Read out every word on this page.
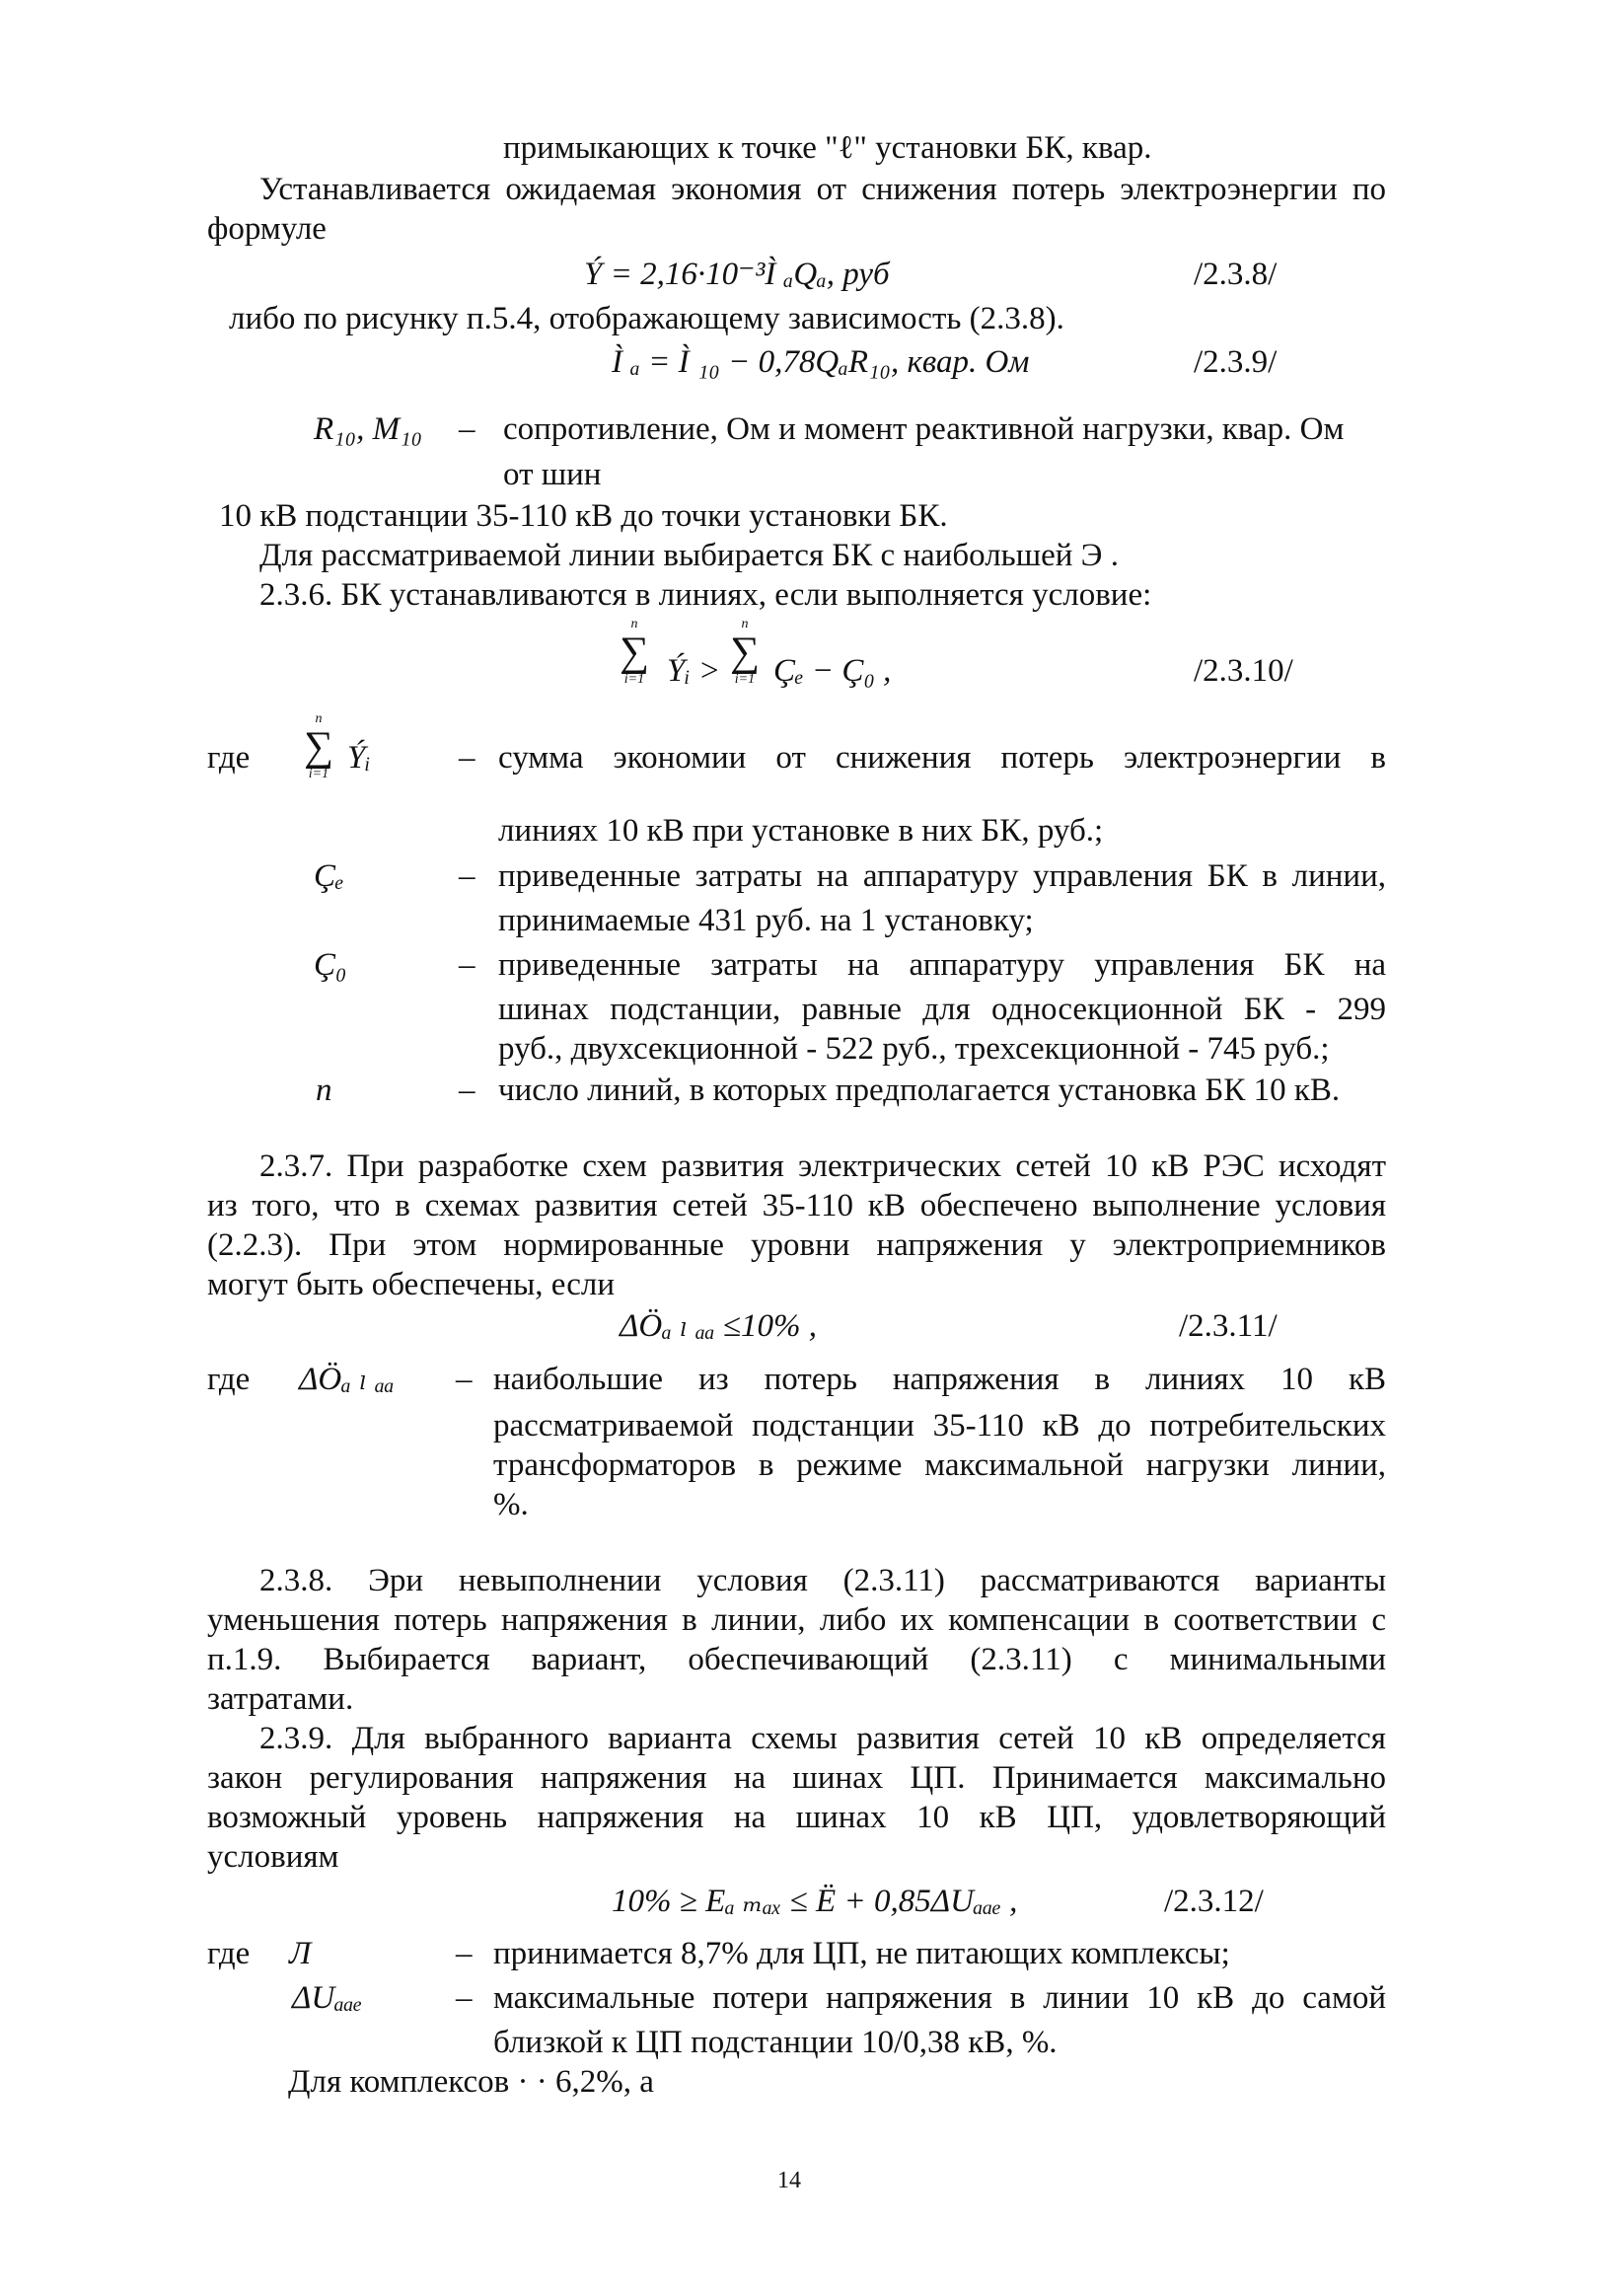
примыкающих к точке "ℓ" установки БК, квар.
Устанавливается ожидаемая экономия от снижения потерь электроэнергии по
формуле
Ý = 2,16·10⁻³Ì ₐQₐ, руб	/2.3.8/
либо по рисунку п.5.4, отображающему зависимость (2.3.8).
Ì ₐ = Ì ₁₀ − 0,78QₐR₁₀, квар. Ом	/2.3.9/
R₁₀, M₁₀ – сопротивление, Ом и момент реактивной нагрузки, квар. Ом
от шин
10 кВ подстанции 35-110 кВ до точки установки БК.
Для рассматриваемой линии выбирается БК с наибольшей Э .
2.3.6. БК устанавливаются в линиях, если выполняется условие:
n
∑
i=1 Ýᵢ >
n
∑
i=1 Çₑ − Ç₀ ,	/2.3.10/
где
n
∑
i=1 Ýᵢ	– сумма экономии от снижения потерь электроэнергии в
линиях 10 кВ при установке в них БК, руб.;
Çₑ	– приведенные затраты на аппаратуру управления БК в линии,
принимаемые 431 руб. на 1 установку;
Ç₀	– приведенные затраты на аппаратуру управления БК на
шинах подстанции, равные для односекционной БК - 299
руб., двухсекционной - 522 руб., трехсекционной - 745 руб.;
n	– число линий, в которых предполагается установка БК 10 кВ.
2.3.7. При разработке схем развития электрических сетей 10 кВ РЭС исходят
из того, что в схемах развития сетей 35-110 кВ обеспечено выполнение условия
(2.2.3). При этом нормированные уровни напряжения у электроприемников
могут быть обеспечены, если
ΔÖₐ ₗ ₐₐ ≤10% ,	/2.3.11/
где ΔÖₐ ₗ ₐₐ – наибольшие из потерь напряжения в линиях 10 кВ
рассматриваемой подстанции 35-110 кВ до потребительских
трансформаторов в режиме максимальной нагрузки линии,
%.
2.3.8. Эри невыполнении условия (2.3.11) рассматриваются варианты
уменьшения потерь напряжения в линии, либо их компенсации в соответствии с
п.1.9. Выбирается вариант, обеспечивающий (2.3.11) с минимальными
затратами.
2.3.9. Для выбранного варианта схемы развития сетей 10 кВ определяется
закон регулирования напряжения на шинах ЦП. Принимается максимально
возможный уровень напряжения на шинах 10 кВ ЦП, удовлетворяющий
условиям
10% ≥ Eₐ ₘₐₓ ≤ Ë + 0,85ΔUₐₐₑ ,	/2.3.12/
где Л	– принимается 8,7% для ЦП, не питающих комплексы;
ΔUₐₐₑ	– максимальные потери напряжения в линии 10 кВ до самой
близкой к ЦП подстанции 10/0,38 кВ, %.
Для комплексов · · 6,2%, а
14
